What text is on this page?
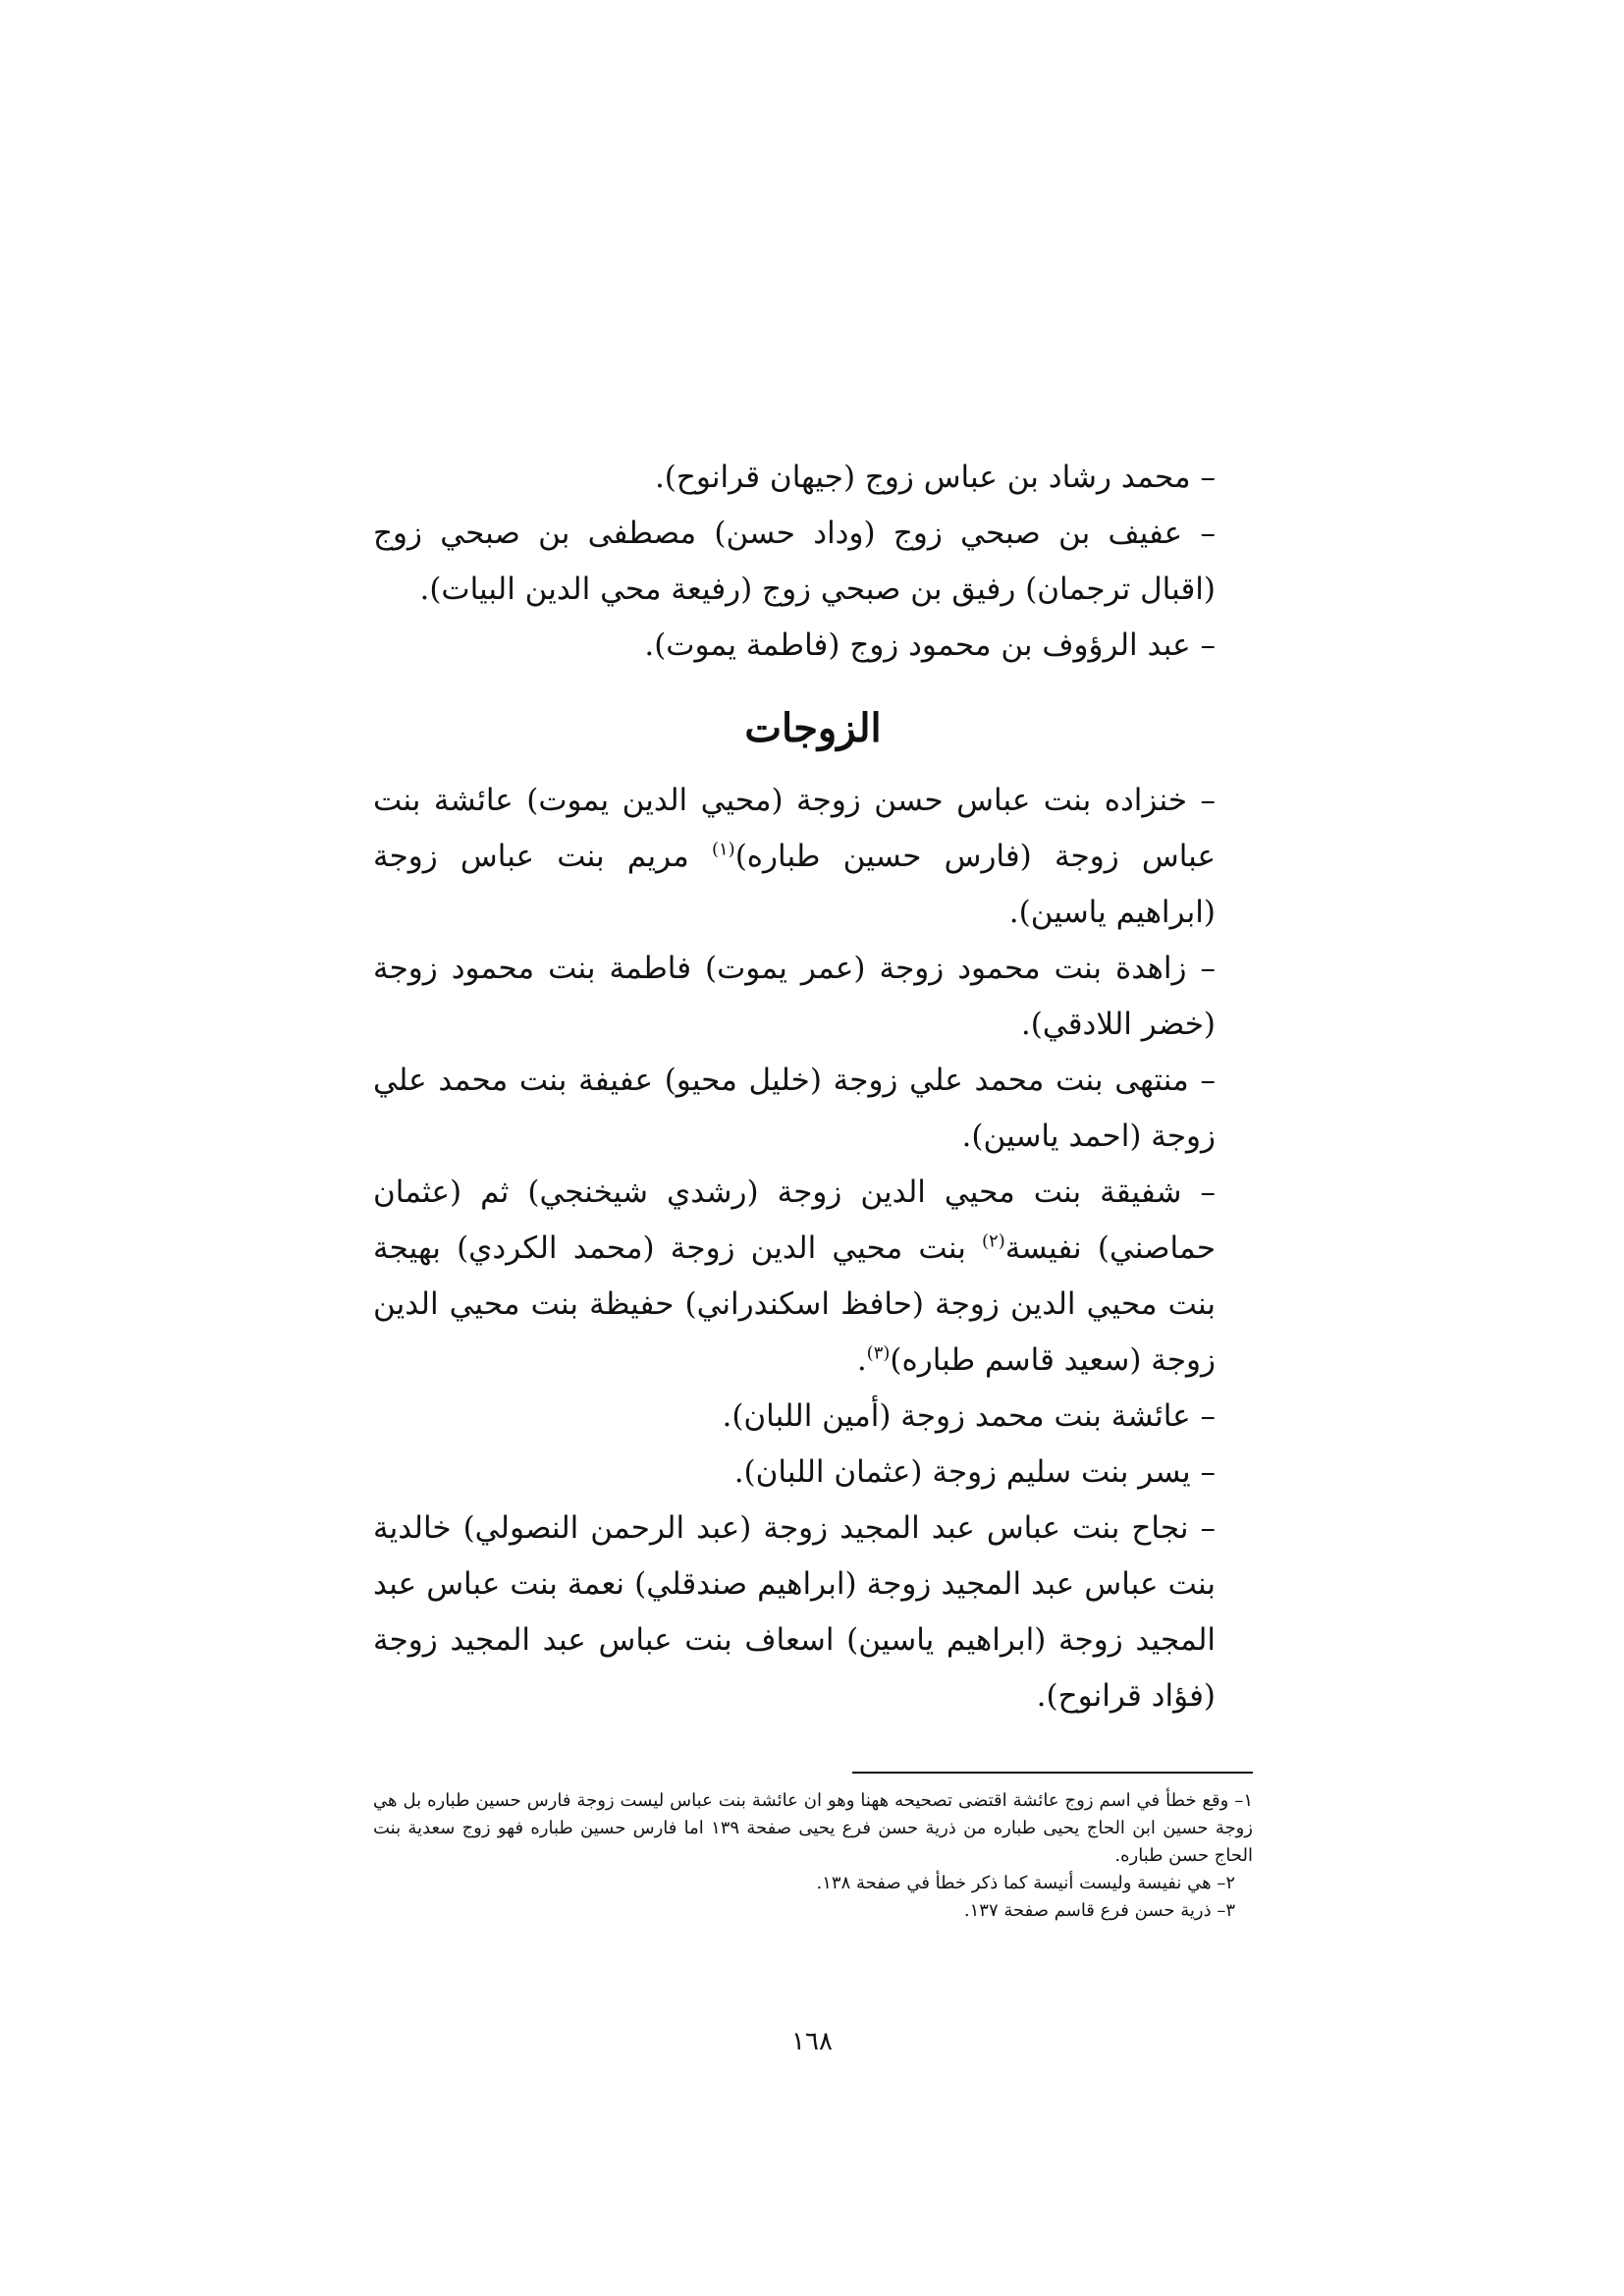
– محمد رشاد بن عباس زوج (جيهان قرانوح).

– عفيف بن صبحي زوج (وداد حسن) مصطفى بن صبحي زوج (اقبال ترجمان) رفيق بن صبحي زوج (رفيعة محي الدين البيات).

– عبد الرؤوف بن محمود زوج (فاطمة يموت).

الزوجات

– خنزاده بنت عباس حسن زوجة (محيي الدين يموت) عائشة بنت عباس زوجة (فارس حسين طباره)$^{(١)}$ مريم بنت عباس زوجة (ابراهيم ياسين).

– زاهدة بنت محمود زوجة (عمر يموت) فاطمة بنت محمود زوجة (خضر اللادقي).

– منتهى بنت محمد علي زوجة (خليل محيو) عفيفة بنت محمد علي زوجة (احمد ياسين).

– شفيقة بنت محيي الدين زوجة (رشدي شيخنجي) ثم (عثمان حماصني) نفيسة$^{(٢)}$ بنت محيي الدين زوجة (محمد الكردي) بهيجة بنت محيي الدين زوجة (حافظ اسكندراني) حفيظة بنت محيي الدين زوجة (سعيد قاسم طباره)$^{(٣)}$.

– عائشة بنت محمد زوجة (أمين اللبان).

– يسر بنت سليم زوجة (عثمان اللبان).

– نجاح بنت عباس عبد المجيد زوجة (عبد الرحمن النصولي) خالدية بنت عباس عبد المجيد زوجة (ابراهيم صندقلي) نعمة بنت عباس عبد المجيد زوجة (ابراهيم ياسين) اسعاف بنت عباس عبد المجيد زوجة (فؤاد قرانوح).

١– وقع خطأ في اسم زوج عائشة اقتضى تصحيحه ههنا وهو ان عائشة بنت عباس ليست زوجة فارس حسين طباره بل هي زوجة حسين ابن الحاج يحيى طباره من ذرية حسن فرع يحيى صفحة ١٣٩ اما فارس حسين طباره فهو زوج سعدية بنت الحاج حسن طباره.

٢– هي نفيسة وليست أنيسة كما ذكر خطأ في صفحة ١٣٨.

٣– ذرية حسن فرع قاسم صفحة ١٣٧.

١٦٨
